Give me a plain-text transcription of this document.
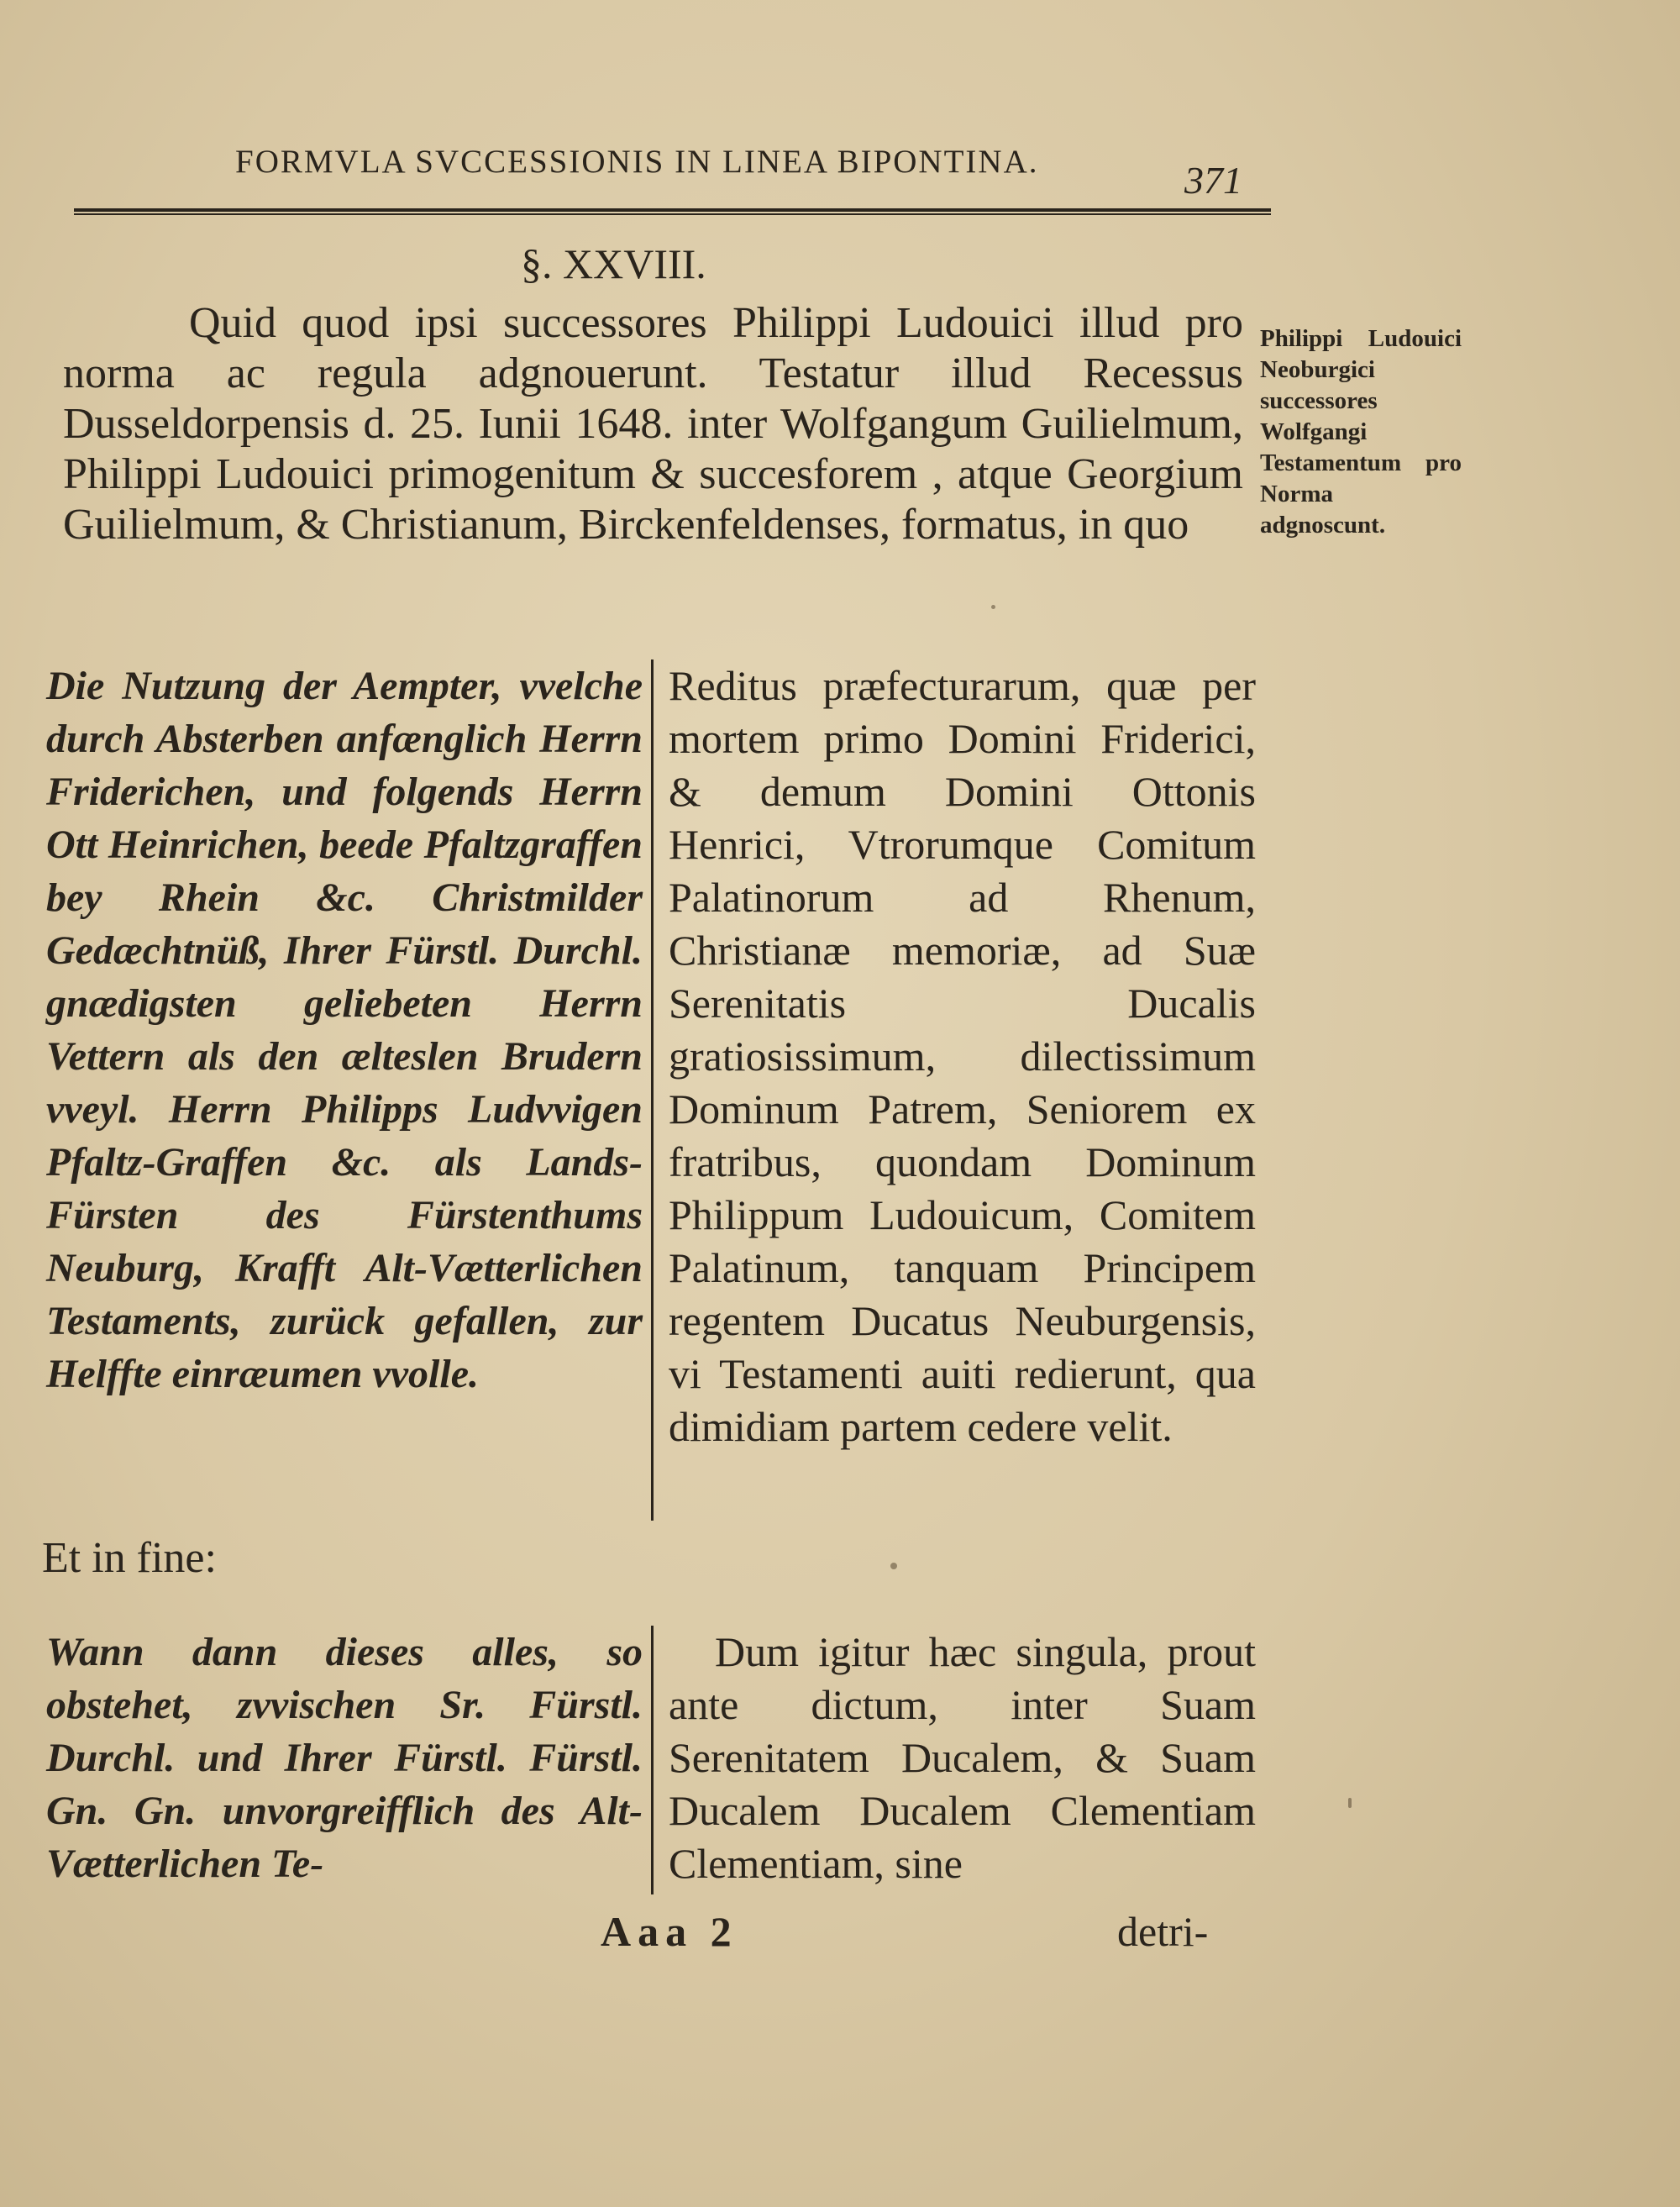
FORMVLA SVCCESSIONIS IN LINEA BIPONTINA.	371
§. XXVIII.
Quid quod ipsi successores Philippi Ludouici illud pro norma ac regula adgnouerunt. Testatur illud Recessus Dusseldorpensis d. 25. Iunii 1648. inter Wolfgangum Guilielmum, Philippi Ludouici primogenitum & succesforem , atque Georgium Guilielmum, & Christianum, Birckenfeldenses, formatus, in quo
Philippi Ludouici Neoburgici successores Wolfgangi Testamentum pro Norma adgnoscunt.

Die Nutzung der Aempter, vvelche durch Absterben anfænglich Herrn Friderichen, und folgends Herrn Ott Heinrichen, beede Pfaltzgraffen bey Rhein &c. Christmilder Gedæchtnüß, Ihrer Fürstl. Durchl. gnædigsten geliebeten Herrn Vettern als den ælteslen Brudern vveyl. Herrn Philipps Ludvvigen Pfaltz-Graffen &c. als Lands-Fürsten des Fürstenthums Neuburg, Krafft Alt-Vætterlichen Testaments, zurück gefallen, zur Helffte einræumen vvolle.

Reditus præfecturarum, quæ per mortem primo Domini Friderici, & demum Domini Ottonis Henrici, Vtrorumque Comitum Palatinorum ad Rhenum, Christianæ memoriæ, ad Suæ Serenitatis Ducalis gratiosissimum, dilectissimum Dominum Patrem, Seniorem ex fratribus, quondam Dominum Philippum Ludouicum, Comitem Palatinum, tanquam Principem regentem Ducatus Neuburgensis, vi Testamenti auiti redierunt, qua dimidiam partem cedere velit.

Et in fine:

Wann dann dieses alles, so obstehet, zvvischen Sr. Fürstl. Durchl. und Ihrer Fürstl. Fürstl. Gn. Gn. unvorgreifflich des Alt-Vætterlichen Te-

Dum igitur hæc singula, prout ante dictum, inter Suam Serenitatem Ducalem, & Suam Ducalem Ducalem Clementiam Clementiam, sine

Aaa 2	detri-
